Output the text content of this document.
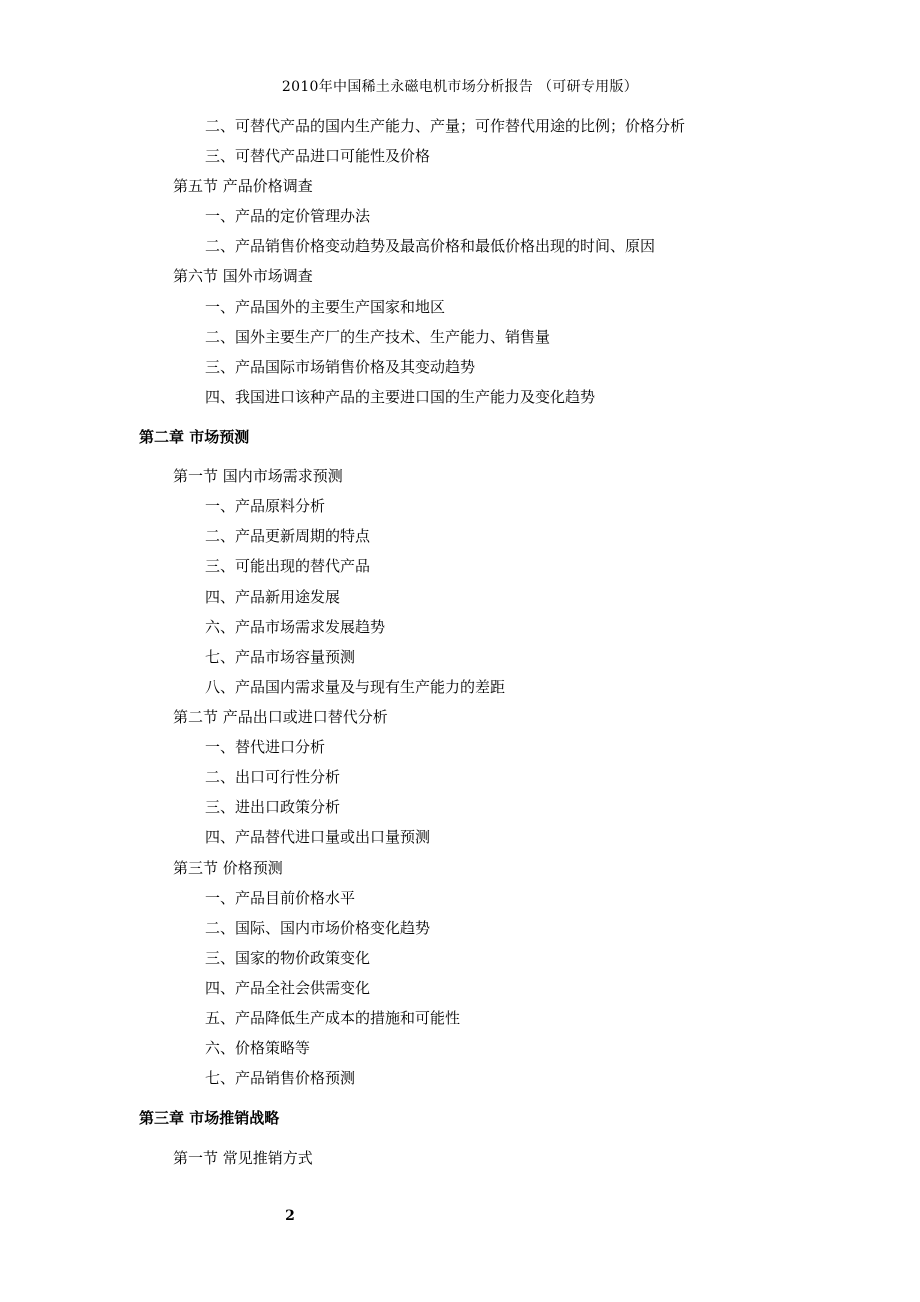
2010年中国稀土永磁电机市场分析报告 （可研专用版）
二、可替代产品的国内生产能力、产量；可作替代用途的比例；价格分析
三、可替代产品进口可能性及价格
第五节 产品价格调查
一、产品的定价管理办法
二、产品销售价格变动趋势及最高价格和最低价格出现的时间、原因
第六节 国外市场调查
一、产品国外的主要生产国家和地区
二、国外主要生产厂的生产技术、生产能力、销售量
三、产品国际市场销售价格及其变动趋势
四、我国进口该种产品的主要进口国的生产能力及变化趋势
第二章 市场预测
第一节 国内市场需求预测
一、产品原料分析
二、产品更新周期的特点
三、可能出现的替代产品
四、产品新用途发展
六、产品市场需求发展趋势
七、产品市场容量预测
八、产品国内需求量及与现有生产能力的差距
第二节 产品出口或进口替代分析
一、替代进口分析
二、出口可行性分析
三、进出口政策分析
四、产品替代进口量或出口量预测
第三节 价格预测
一、产品目前价格水平
二、国际、国内市场价格变化趋势
三、国家的物价政策变化
四、产品全社会供需变化
五、产品降低生产成本的措施和可能性
六、价格策略等
七、产品销售价格预测
第三章 市场推销战略
第一节 常见推销方式
2
